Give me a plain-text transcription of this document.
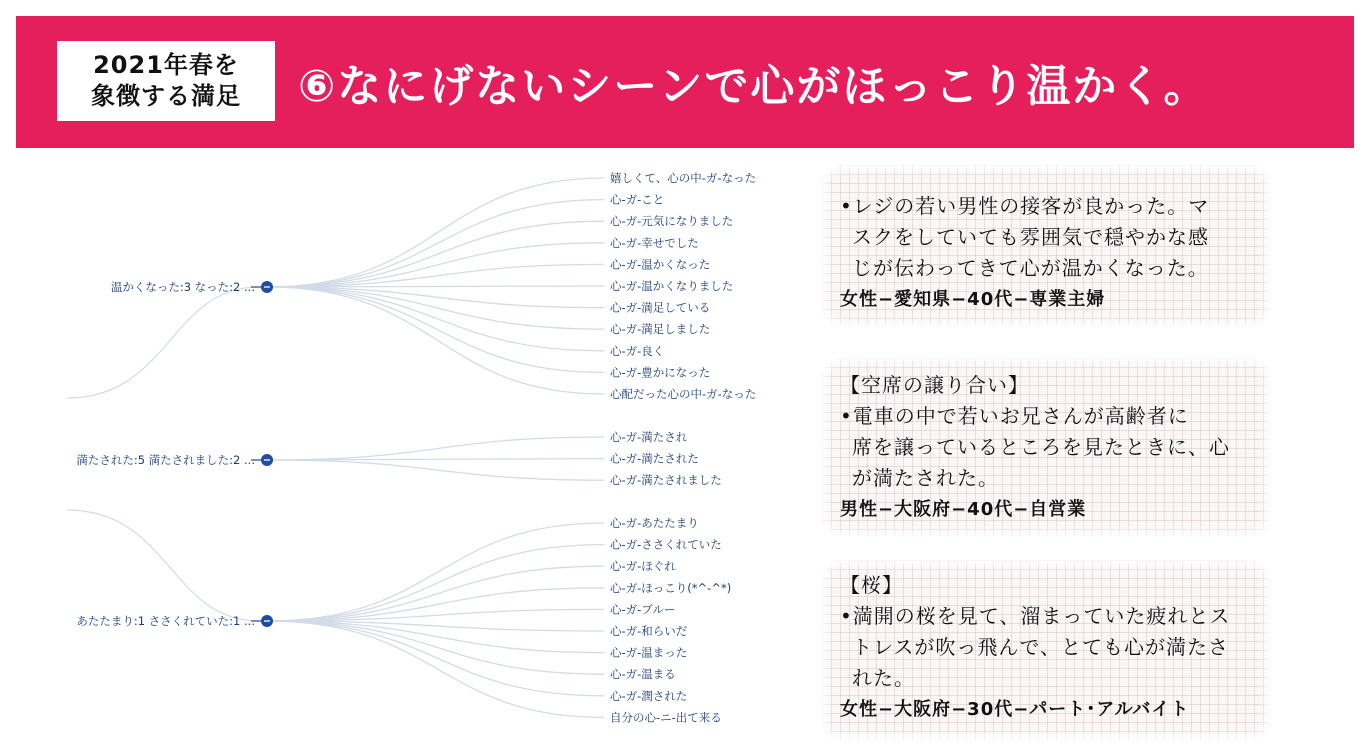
2021年春を
象徴する満足 ⑥なにげないシーンで心がほっこり温かく。
嬉しくて、心の中-ガ-なった
心-ガ-こと
心-ガ-元気になりました
心-ガ-幸せでした
心-ガ-温かくなった
心-ガ-温かくなりました
心-ガ-満足している
心-ガ-満足しました
心-ガ-良く
心-ガ-豊かになった
心配だった心の中-ガ-なった
温かくなった:3 なった:2 ...
心-ガ-満たされ
心-ガ-満たされた
心-ガ-満たされました
満たされた:5 満たされました:2 ...
心-ガ-あたたまり
心-ガ-ささくれていた
心-ガ-ほぐれ
心-ガ-ほっこり(*^-^*)
心-ガ-ブルー
心-ガ-和らいだ
心-ガ-温まった
心-ガ-温まる
心-ガ-潤された
自分の心-ニ-出て来る
あたたまり:1 ささくれていた:1 ...
•レジの若い男性の接客が良かった。マ
スクをしていても雰囲気で穏やかな感
じが伝わってきて心が温かくなった。
女性−愛知県−40代−専業主婦
【空席の譲り合い】
•電車の中で若いお兄さんが高齢者に
席を譲っているところを見たときに、心
が満たされた。
男性−大阪府−40代−自営業
【桜】
•満開の桜を見て、溜まっていた疲れとス
トレスが吹っ飛んで、とても心が満たさ
れた。
女性−大阪府−30代−パート･アルバイト
